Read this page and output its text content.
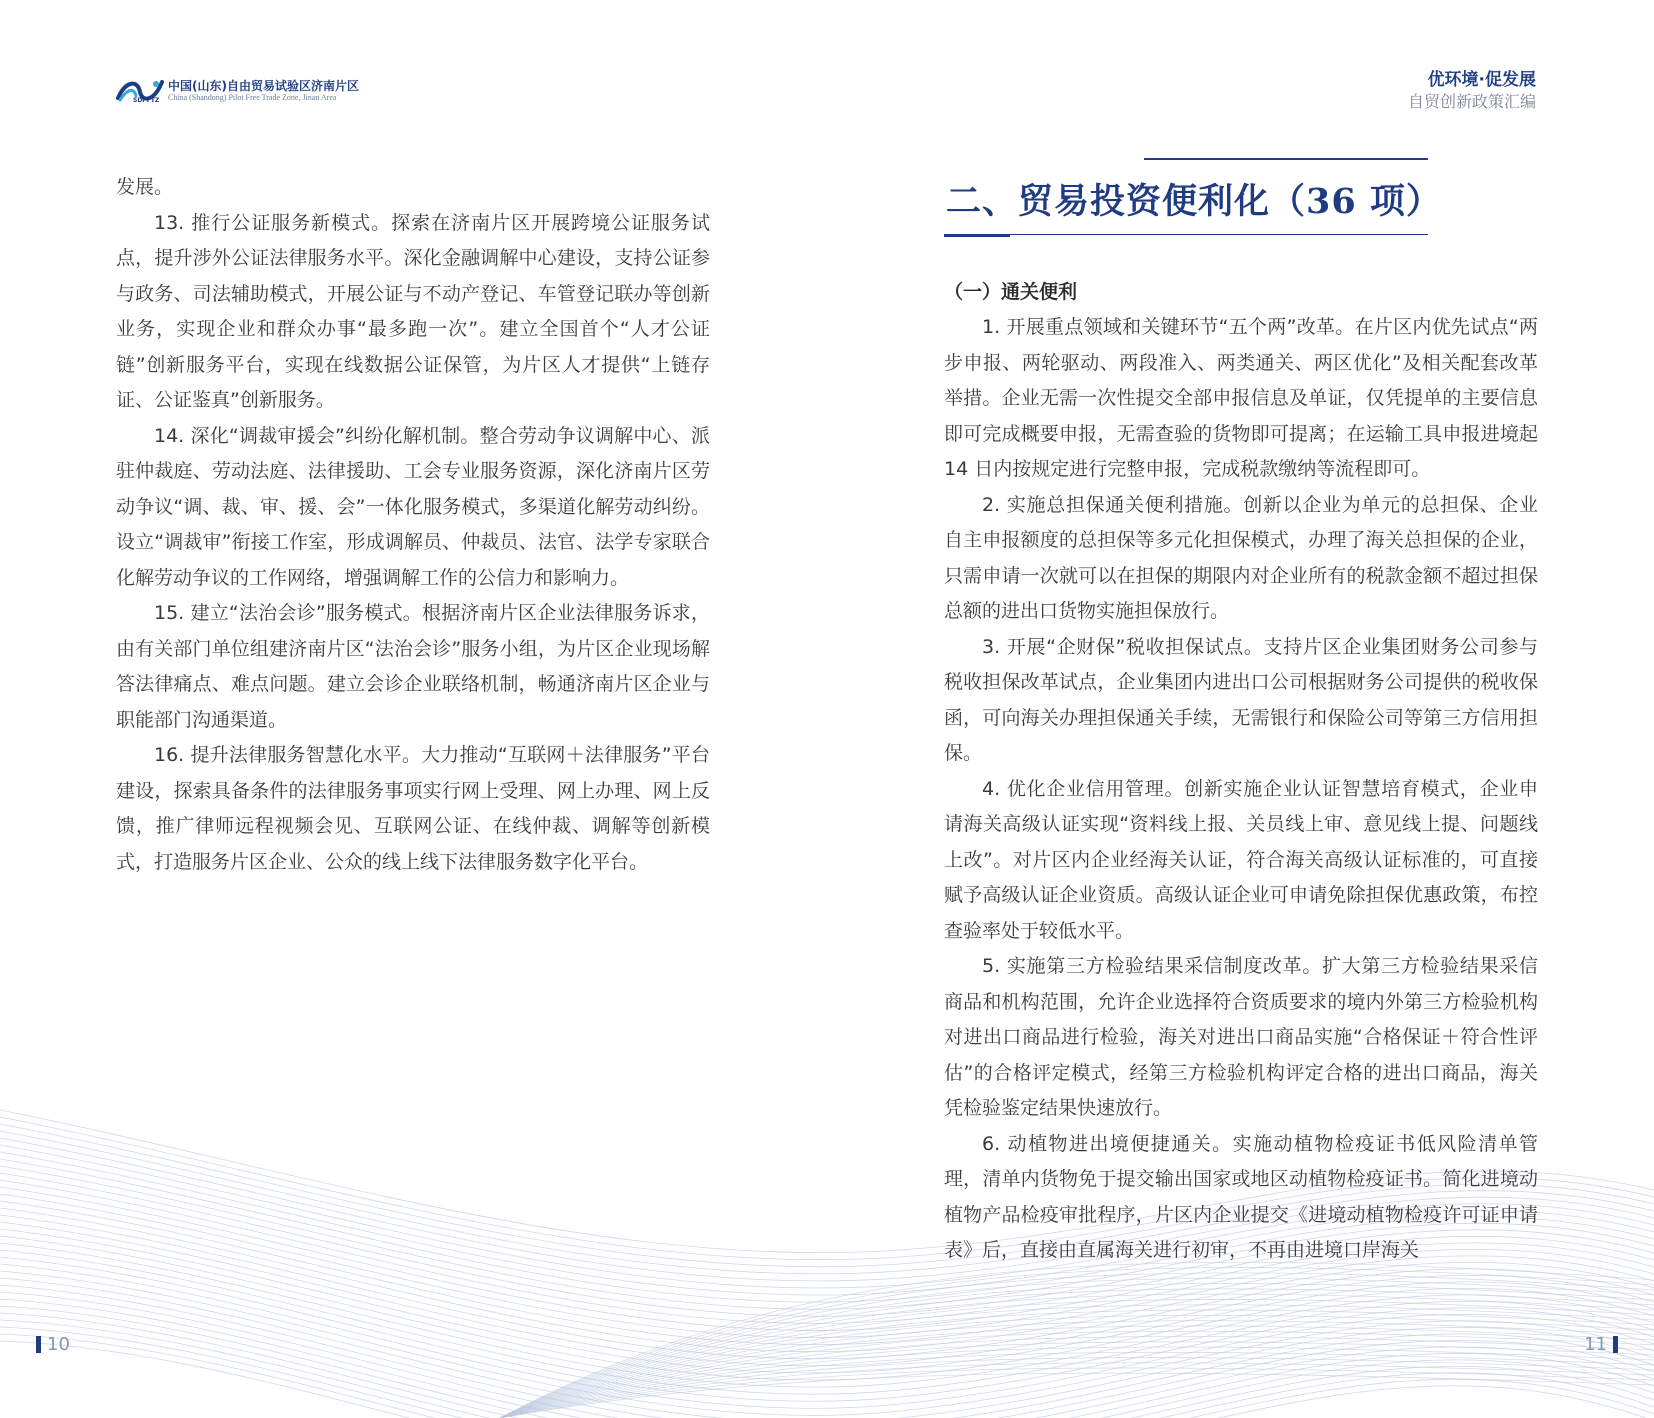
SDPFTZ
中国(山东)自由贸易试验区济南片区
China (Shandong) Pilot Free Trade Zone, Jinan Area
优环境·促发展
自贸创新政策汇编

发展。

13. 推行公证服务新模式。探索在济南片区开展跨境公证服务试点，提升涉外公证法律服务水平。深化金融调解中心建设，支持公证参与政务、司法辅助模式，开展公证与不动产登记、车管登记联办等创新业务，实现企业和群众办事“最多跑一次”。建立全国首个“人才公证链”创新服务平台，实现在线数据公证保管，为片区人才提供“上链存证、公证鉴真”创新服务。

14. 深化“调裁审援会”纠纷化解机制。整合劳动争议调解中心、派驻仲裁庭、劳动法庭、法律援助、工会专业服务资源，深化济南片区劳动争议“调、裁、审、援、会”一体化服务模式，多渠道化解劳动纠纷。设立“调裁审”衔接工作室，形成调解员、仲裁员、法官、法学专家联合化解劳动争议的工作网络，增强调解工作的公信力和影响力。

15. 建立“法治会诊”服务模式。根据济南片区企业法律服务诉求，由有关部门单位组建济南片区“法治会诊”服务小组，为片区企业现场解答法律痛点、难点问题。建立会诊企业联络机制，畅通济南片区企业与职能部门沟通渠道。

16. 提升法律服务智慧化水平。大力推动“互联网＋法律服务”平台建设，探索具备条件的法律服务事项实行网上受理、网上办理、网上反馈，推广律师远程视频会见、互联网公证、在线仲裁、调解等创新模式，打造服务片区企业、公众的线上线下法律服务数字化平台。

二、贸易投资便利化（36 项）

（一）通关便利

1. 开展重点领域和关键环节“五个两”改革。在片区内优先试点“两步申报、两轮驱动、两段准入、两类通关、两区优化”及相关配套改革举措。企业无需一次性提交全部申报信息及单证，仅凭提单的主要信息即可完成概要申报，无需查验的货物即可提离；在运输工具申报进境起 14 日内按规定进行完整申报，完成税款缴纳等流程即可。

2. 实施总担保通关便利措施。创新以企业为单元的总担保、企业自主申报额度的总担保等多元化担保模式，办理了海关总担保的企业，只需申请一次就可以在担保的期限内对企业所有的税款金额不超过担保总额的进出口货物实施担保放行。

3. 开展“企财保”税收担保试点。支持片区企业集团财务公司参与税收担保改革试点，企业集团内进出口公司根据财务公司提供的税收保函，可向海关办理担保通关手续，无需银行和保险公司等第三方信用担保。

4. 优化企业信用管理。创新实施企业认证智慧培育模式，企业申请海关高级认证实现“资料线上报、关员线上审、意见线上提、问题线上改”。对片区内企业经海关认证，符合海关高级认证标准的，可直接赋予高级认证企业资质。高级认证企业可申请免除担保优惠政策，布控查验率处于较低水平。

5. 实施第三方检验结果采信制度改革。扩大第三方检验结果采信商品和机构范围，允许企业选择符合资质要求的境内外第三方检验机构对进出口商品进行检验，海关对进出口商品实施“合格保证＋符合性评估”的合格评定模式，经第三方检验机构评定合格的进出口商品，海关凭检验鉴定结果快速放行。

6. 动植物进出境便捷通关。实施动植物检疫证书低风险清单管理，清单内货物免于提交输出国家或地区动植物检疫证书。简化进境动植物产品检疫审批程序，片区内企业提交《进境动植物检疫许可证申请表》后，直接由直属海关进行初审，不再由进境口岸海关

10	11
